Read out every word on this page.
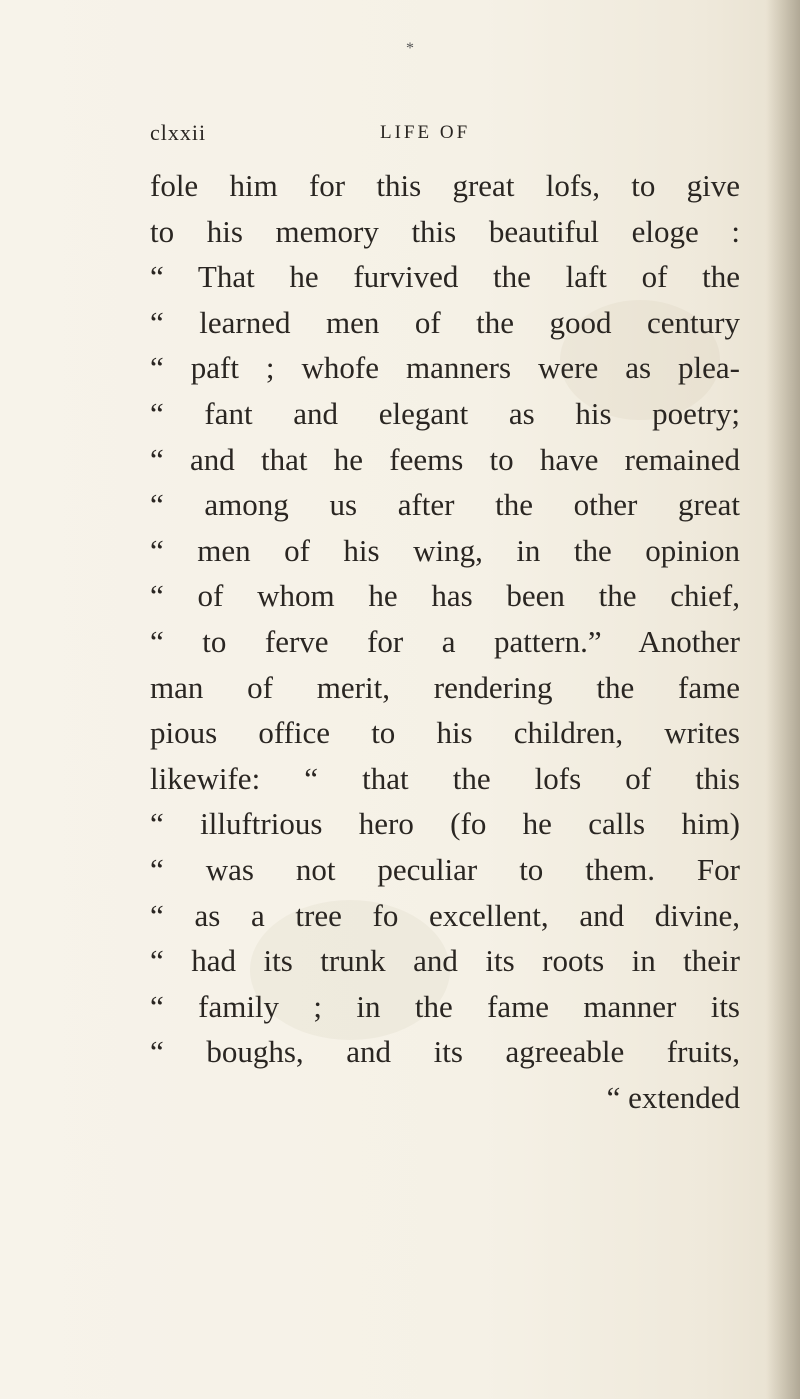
*
clxxii	LIFE OF
fole him for this great lofs, to give
to his memory this beautiful eloge :
“ That he furvived the laft of the
“ learned men of the good century
“ paft ; whofe manners were as plea-
“ fant and elegant as his poetry;
“ and that he feems to have remained
“ among us after the other great
“ men of his wing, in the opinion
“ of whom he has been the chief,
“ to ferve for a pattern.” Another
man of merit, rendering the fame
pious office to his children, writes
likewife: “ that the lofs of this
“ illuftrious hero (fo he calls him)
“ was not peculiar to them. For
“ as a tree fo excellent, and divine,
“ had its trunk and its roots in their
“ family ; in the fame manner its
“ boughs, and its agreeable fruits,
“ extended
